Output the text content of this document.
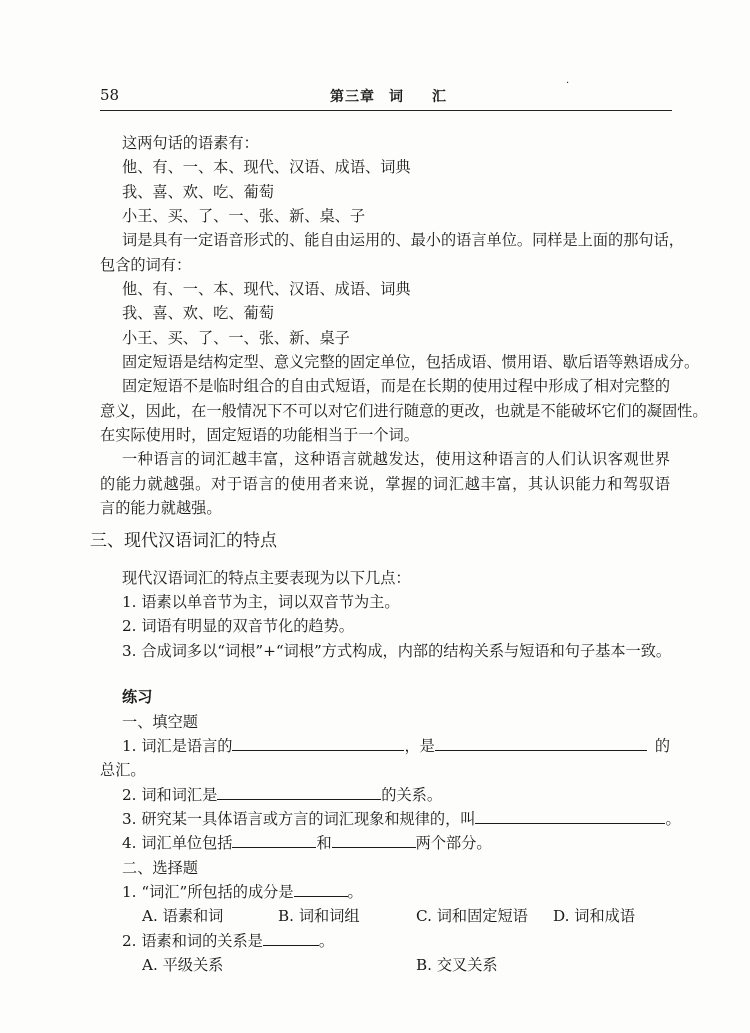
58	第三章 词 汇
·
这两句话的语素有：
他、有、一、本、现代、汉语、成语、词典
我、喜、欢、吃、葡萄
小王、买、了、一、张、新、桌、子
词是具有一定语音形式的、能自由运用的、最小的语言单位。同样是上面的那句话，
包含的词有：
他、有、一、本、现代、汉语、成语、词典
我、喜、欢、吃、葡萄
小王、买、了、一、张、新、桌子
固定短语是结构定型、意义完整的固定单位，包括成语、惯用语、歇后语等熟语成分。
固定短语不是临时组合的自由式短语，而是在长期的使用过程中形成了相对完整的
意义，因此，在一般情况下不可以对它们进行随意的更改，也就是不能破坏它们的凝固性。
在实际使用时，固定短语的功能相当于一个词。
一种语言的词汇越丰富，这种语言就越发达，使用这种语言的人们认识客观世界
的能力就越强。对于语言的使用者来说，掌握的词汇越丰富，其认识能力和驾驭语
言的能力就越强。
三、现代汉语词汇的特点
现代汉语词汇的特点主要表现为以下几点：
1. 语素以单音节为主，词以双音节为主。
2. 词语有明显的双音节化的趋势。
3. 合成词多以“词根”+“词根”方式构成，内部的结构关系与短语和句子基本一致。
练习
一、填空题
1. 词汇是语言的	，是	的
总汇。
2. 词和词汇是	的关系。
3. 研究某一具体语言或方言的词汇现象和规律的，叫	。
4. 词汇单位包括	和	两个部分。
二、选择题
1. “词汇”所包括的成分是	。
A. 语素和词	B. 词和词组	C. 词和固定短语 D. 词和成语
2. 语素和词的关系是	。
A. 平级关系	B. 交叉关系
